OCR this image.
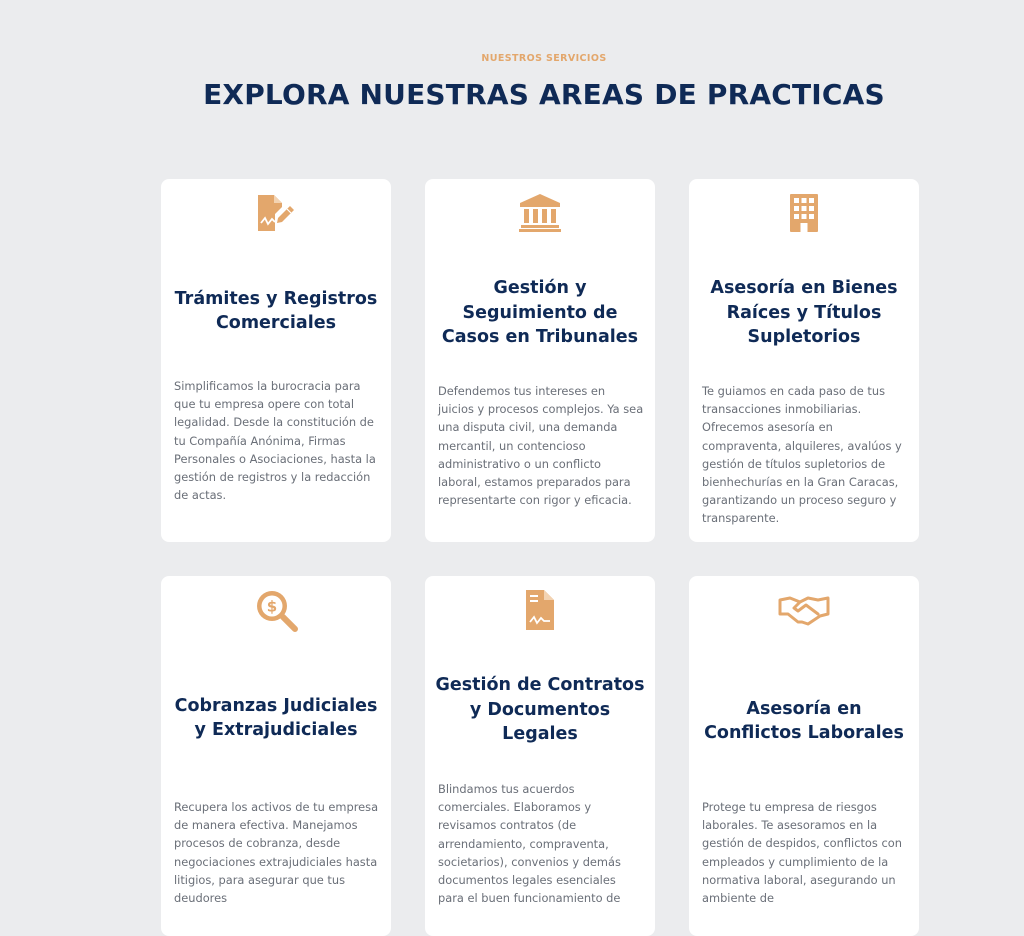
NUESTROS SERVICIOS
EXPLORA NUESTRAS AREAS DE PRACTICAS
Trámites y Registros Comerciales

Simplificamos la burocracia para que tu empresa opere con total legalidad. Desde la constitución de tu Compañía Anónima, Firmas Personales o Asociaciones, hasta la gestión de registros y la redacción de actas.

Gestión y Seguimiento de Casos en Tribunales

Defendemos tus intereses en juicios y procesos complejos. Ya sea una disputa civil, una demanda mercantil, un contencioso administrativo o un conflicto laboral, estamos preparados para representarte con rigor y eficacia.

Asesoría en Bienes Raíces y Títulos Supletorios

Te guiamos en cada paso de tus transacciones inmobiliarias. Ofrecemos asesoría en compraventa, alquileres, avalúos y gestión de títulos supletorios de bienhechurías en la Gran Caracas, garantizando un proceso seguro y transparente.

$
Cobranzas Judiciales y Extrajudiciales

Recupera los activos de tu empresa de manera efectiva. Manejamos procesos de cobranza, desde negociaciones extrajudiciales hasta litigios, para asegurar que tus deudores

Gestión de Contratos y Documentos Legales

Blindamos tus acuerdos comerciales. Elaboramos y revisamos contratos (de arrendamiento, compraventa, societarios), convenios y demás documentos legales esenciales para el buen funcionamiento de

Asesoría en Conflictos Laborales

Protege tu empresa de riesgos laborales. Te asesoramos en la gestión de despidos, conflictos con empleados y cumplimiento de la normativa laboral, asegurando un ambiente de
